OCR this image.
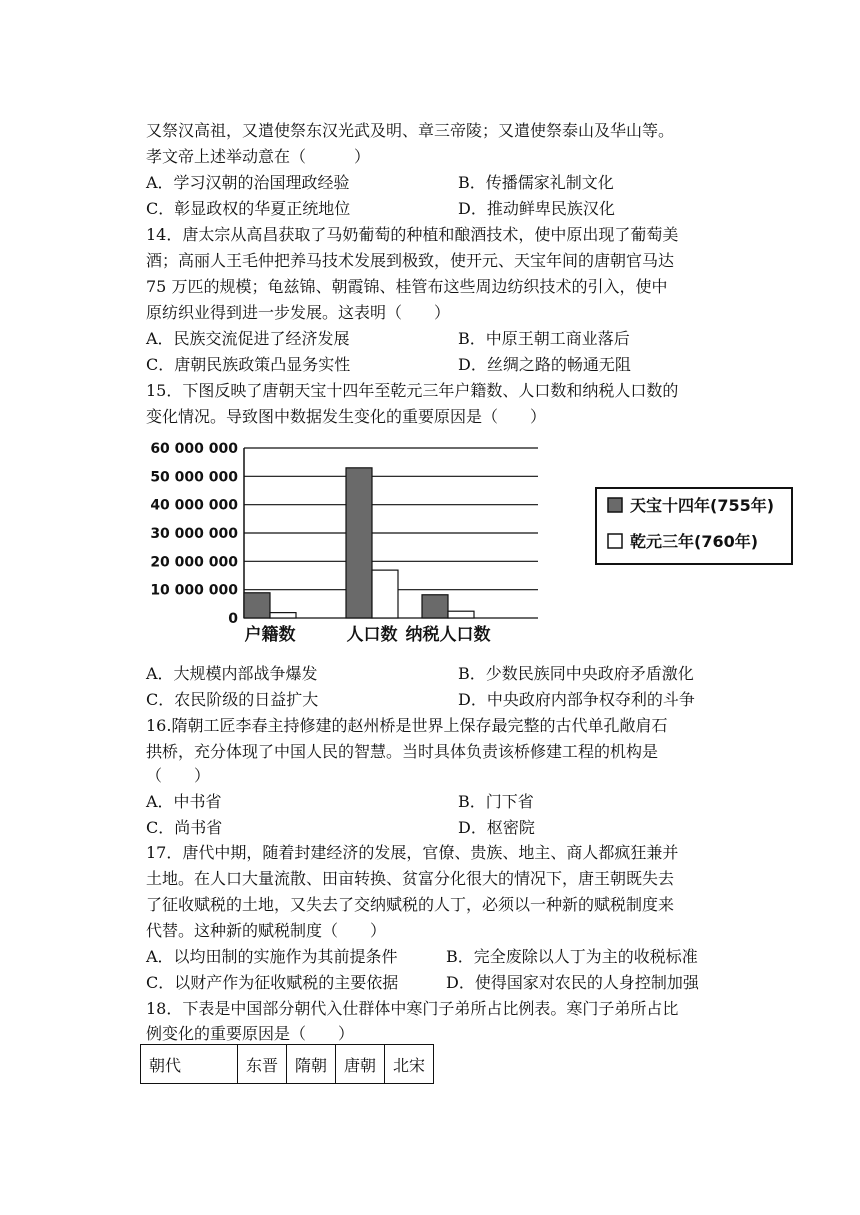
又祭汉高祖，又遣使祭东汉光武及明、章三帝陵；又遣使祭泰山及华山等。
孝文帝上述举动意在（　　　）
A．学习汉朝的治国理政经验	B．传播儒家礼制文化
C．彰显政权的华夏正统地位	D．推动鲜卑民族汉化
14．唐太宗从高昌获取了马奶葡萄的种植和酿酒技术，使中原出现了葡萄美
酒；高丽人王毛仲把养马技术发展到极致，使开元、天宝年间的唐朝官马达
75 万匹的规模；龟兹锦、朝霞锦、桂管布这些周边纺织技术的引入，使中
原纺织业得到进一步发展。这表明（　　）
A．民族交流促进了经济发展	B．中原王朝工商业落后
C．唐朝民族政策凸显务实性	D．丝绸之路的畅通无阻
15．下图反映了唐朝天宝十四年至乾元三年户籍数、人口数和纳税人口数的
变化情况。导致图中数据发生变化的重要原因是（　　）
0
10 000 000
20 000 000
30 000 000
40 000 000
50 000 000
60 000 000
户籍数	人口数 纳税人口数
天宝十四年(755年)
乾元三年(760年)
A．大规模内部战争爆发	B．少数民族同中央政府矛盾激化
C．农民阶级的日益扩大	D．中央政府内部争权夺利的斗争
16.隋朝工匠李春主持修建的赵州桥是世界上保存最完整的古代单孔敞肩石
拱桥，充分体现了中国人民的智慧。当时具体负责该桥修建工程的机构是
（　　）
A．中书省	B．门下省
C．尚书省	D．枢密院
17．唐代中期，随着封建经济的发展，官僚、贵族、地主、商人都疯狂兼并
土地。在人口大量流散、田亩转换、贫富分化很大的情况下，唐王朝既失去
了征收赋税的土地，又失去了交纳赋税的人丁，必须以一种新的赋税制度来
代替。这种新的赋税制度（　　）
A．以均田制的实施作为其前提条件	B．完全废除以人丁为主的收税标准
C．以财产作为征收赋税的主要依据	D．使得国家对农民的人身控制加强
18．下表是中国部分朝代入仕群体中寒门子弟所占比例表。寒门子弟所占比
例变化的重要原因是（　　）
朝代	东晋	隋朝	唐朝	北宋
